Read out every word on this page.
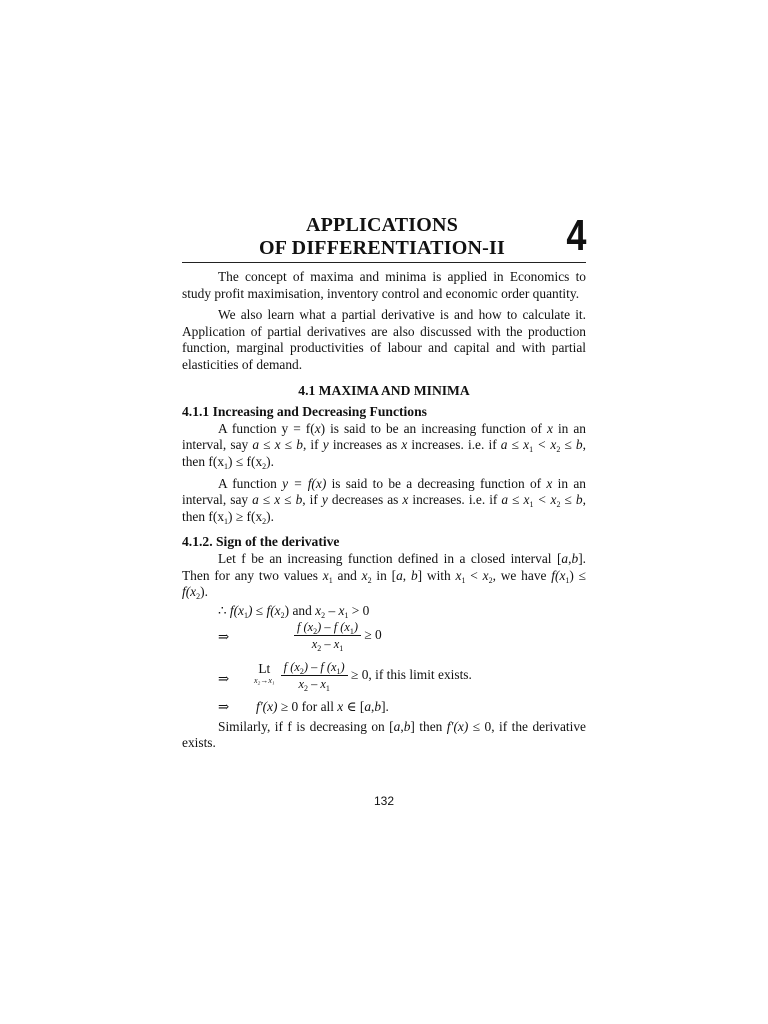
APPLICATIONS
OF DIFFERENTIATION-II	4

The concept of maxima and minima is applied in Economics to study profit maximisation, inventory control and economic order quantity.

We also learn what a partial derivative is and how to calculate it. Application of partial derivatives are also discussed with the production function, marginal productivities of labour and capital and with partial elasticities of demand.

4.1 MAXIMA AND MINIMA
4.1.1 Increasing and Decreasing Functions

A function y = f(x) is said to be an increasing function of x in an interval, say a ≤ x ≤ b, if y increases as x increases. i.e. if $a \le x_1 < x_2 \le b$, then $f(x_1) \le f(x_2)$.

A function y = f(x) is said to be a decreasing function of x in an interval, say a ≤ x ≤ b, if y decreases as x increases. i.e. if $a \le x_1 < x_2 \le b$, then $f(x_1) \ge f(x_2)$.

4.1.2. Sign of the derivative

Let f be an increasing function defined in a closed interval [a,b]. Then for any two values $x_1$ and $x_2$ in [a, b] with $x_1 < x_2$, we have $f(x_1) \le f(x_2)$.

∴ $f(x_1) \le f(x_2)$ and $x_2 - x_1 > 0$
⇒	$\frac{f (x_2) - f (x_1)}{x_2 - x_1} \ge 0$
⇒
Lt
$x_2\to x_1 \frac{f (x_2) - f (x_1)}{x_2 - x_1} \ge 0$, if this limit exists.
⇒ f′(x) ≥ 0 for all x ∈ [a,b].

Similarly, if f is decreasing on [a,b] then f′(x) ≤ 0, if the derivative exists.

132
